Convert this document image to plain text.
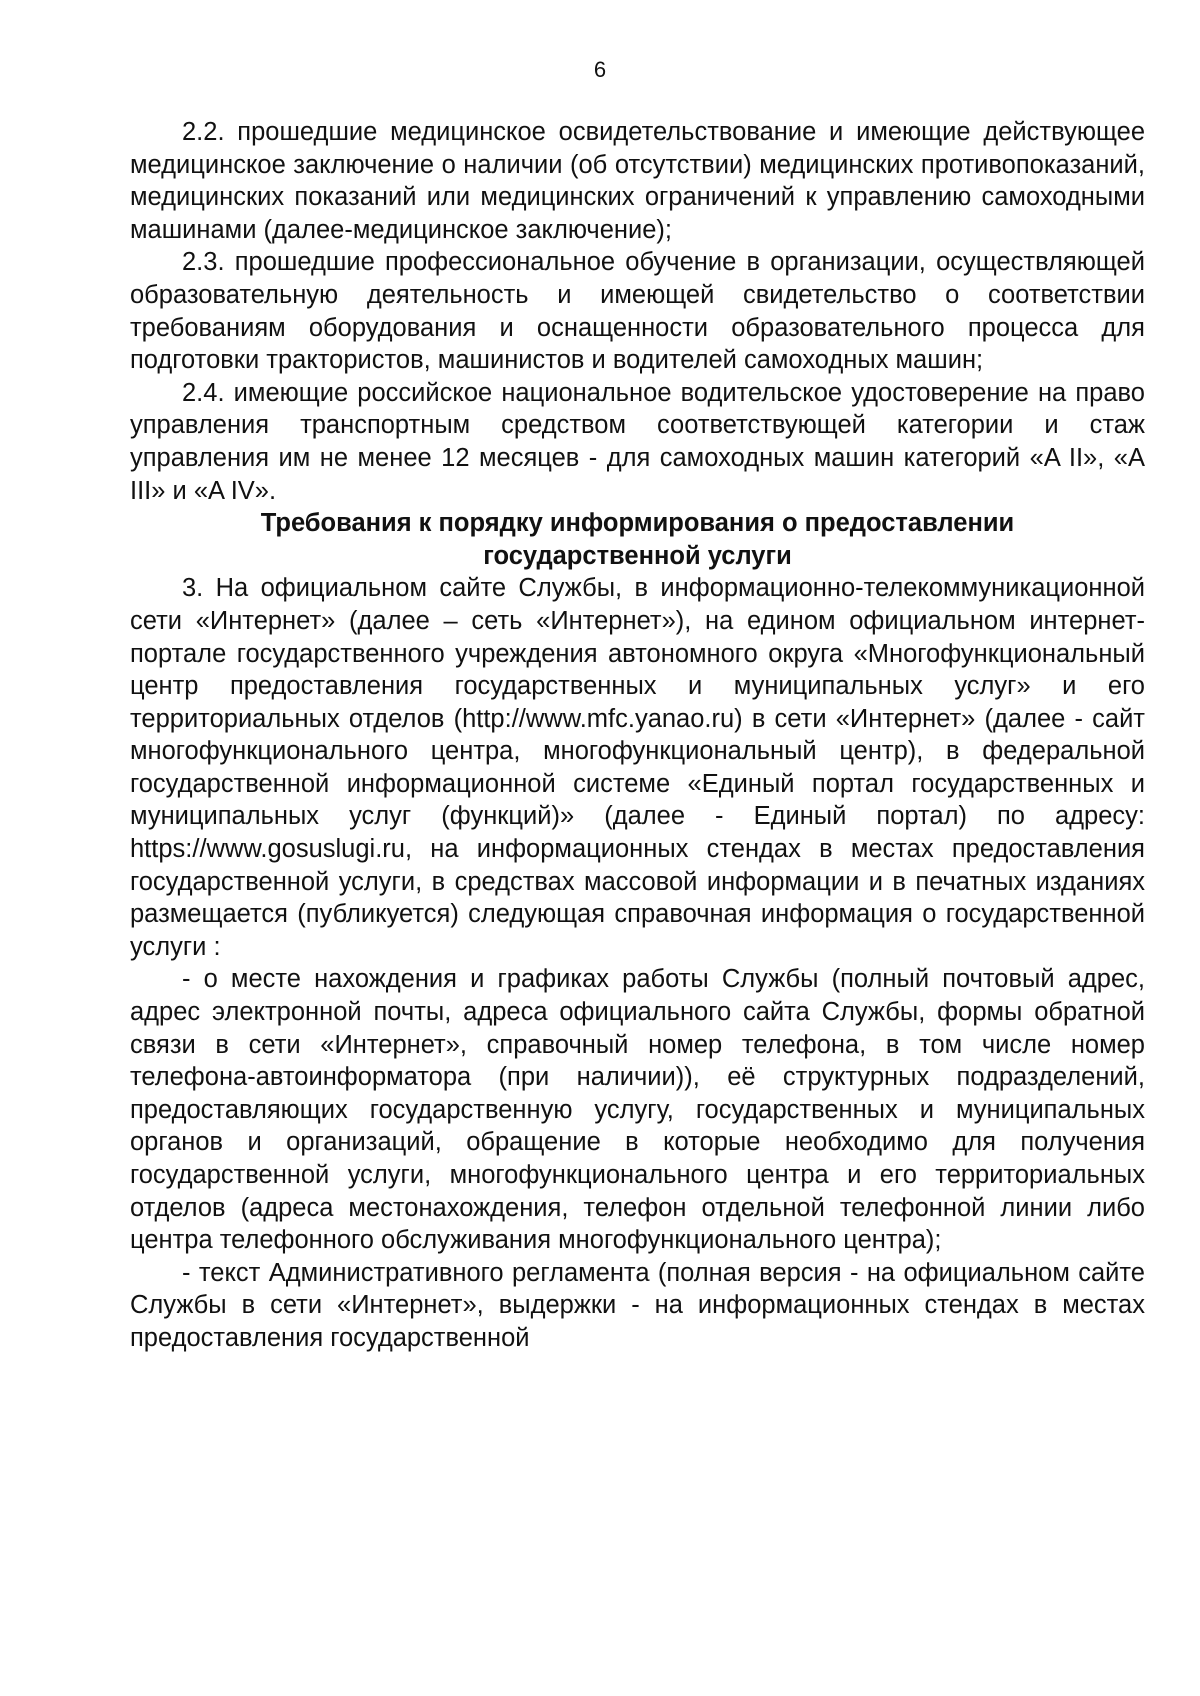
6

2.2. прошедшие медицинское освидетельствование и имеющие действующее медицинское заключение о наличии (об отсутствии) медицинских противопоказаний, медицинских показаний или медицинских ограничений к управлению самоходными машинами (далее-медицинское заключение);

2.3. прошедшие профессиональное обучение в организации, осуществляющей образовательную деятельность и имеющей свидетельство о соответствии требованиям оборудования и оснащенности образовательного процесса для подготовки трактористов, машинистов и водителей самоходных машин;

2.4. имеющие российское национальное водительское удостоверение на право управления транспортным средством соответствующей категории и стаж управления им не менее 12 месяцев - для самоходных машин категорий «A II», «A III» и «A IV».

Требования к порядку информирования о предоставлении
государственной услуги

3. На официальном сайте Службы, в информационно-телекоммуникационной сети «Интернет» (далее – сеть «Интернет»), на едином официальном интернет-портале государственного учреждения автономного округа «Многофункциональный центр предоставления государственных и муниципальных услуг» и его территориальных отделов (http://www.mfc.yanao.ru) в сети «Интернет» (далее - сайт многофункционального центра, многофункциональный центр), в федеральной государственной информационной системе «Единый портал государственных и муниципальных услуг (функций)» (далее - Единый портал) по адресу: https://www.gosuslugi.ru, на информационных стендах в местах предоставления государственной услуги, в средствах массовой информации и в печатных изданиях размещается (публикуется) следующая справочная информация о государственной услуги :

- о месте нахождения и графиках работы Службы (полный почтовый адрес, адрес электронной почты, адреса официального сайта Службы, формы обратной связи в сети «Интернет», справочный номер телефона, в том числе номер телефона-автоинформатора (при наличии)), её структурных подразделений, предоставляющих государственную услугу, государственных и муниципальных органов и организаций, обращение в которые необходимо для получения государственной услуги, многофункционального центра и его территориальных отделов (адреса местонахождения, телефон отдельной телефонной линии либо центра телефонного обслуживания многофункционального центра);

- текст Административного регламента (полная версия - на официальном сайте Службы в сети «Интернет», выдержки - на информационных стендах в местах предоставления государственной
